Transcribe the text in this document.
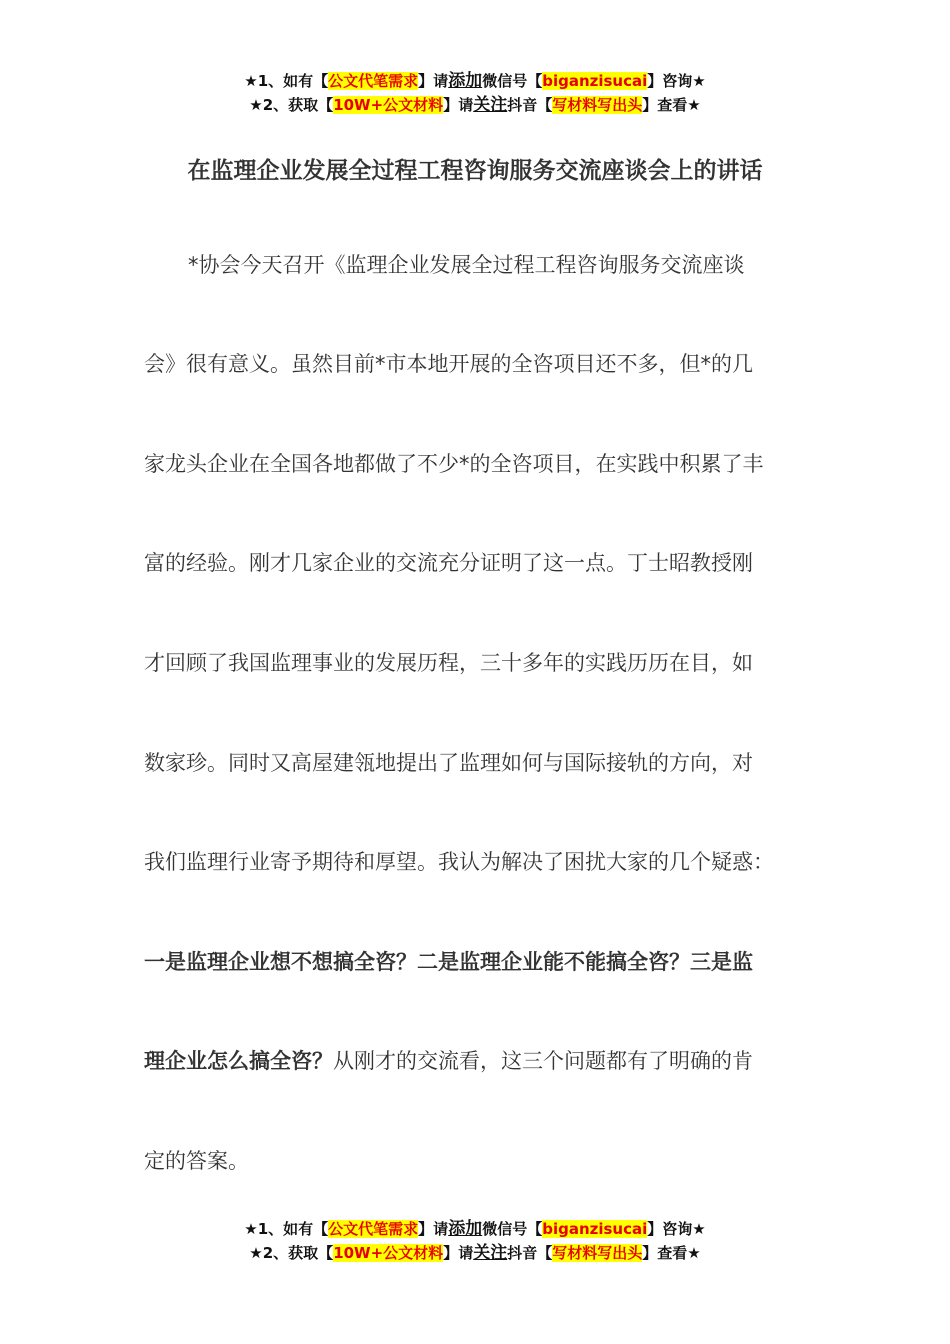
★1、如有【公文代笔需求】请添加微信号【biganzisucai】咨询★
★2、获取【10W+公文材料】请关注抖音【写材料写出头】查看★
在监理企业发展全过程工程咨询服务交流座谈会上的讲话

*协会今天召开《监理企业发展全过程工程咨询服务交流座谈

会》很有意义。虽然目前*市本地开展的全咨项目还不多，但*的几

家龙头企业在全国各地都做了不少*的全咨项目，在实践中积累了丰

富的经验。刚才几家企业的交流充分证明了这一点。丁士昭教授刚

才回顾了我国监理事业的发展历程，三十多年的实践历历在目，如

数家珍。同时又高屋建瓴地提出了监理如何与国际接轨的方向，对

我们监理行业寄予期待和厚望。我认为解决了困扰大家的几个疑惑：

一是监理企业想不想搞全咨？二是监理企业能不能搞全咨？三是监

理企业怎么搞全咨？从刚才的交流看，这三个问题都有了明确的肯

定的答案。

★1、如有【公文代笔需求】请添加微信号【biganzisucai】咨询★
★2、获取【10W+公文材料】请关注抖音【写材料写出头】查看★
